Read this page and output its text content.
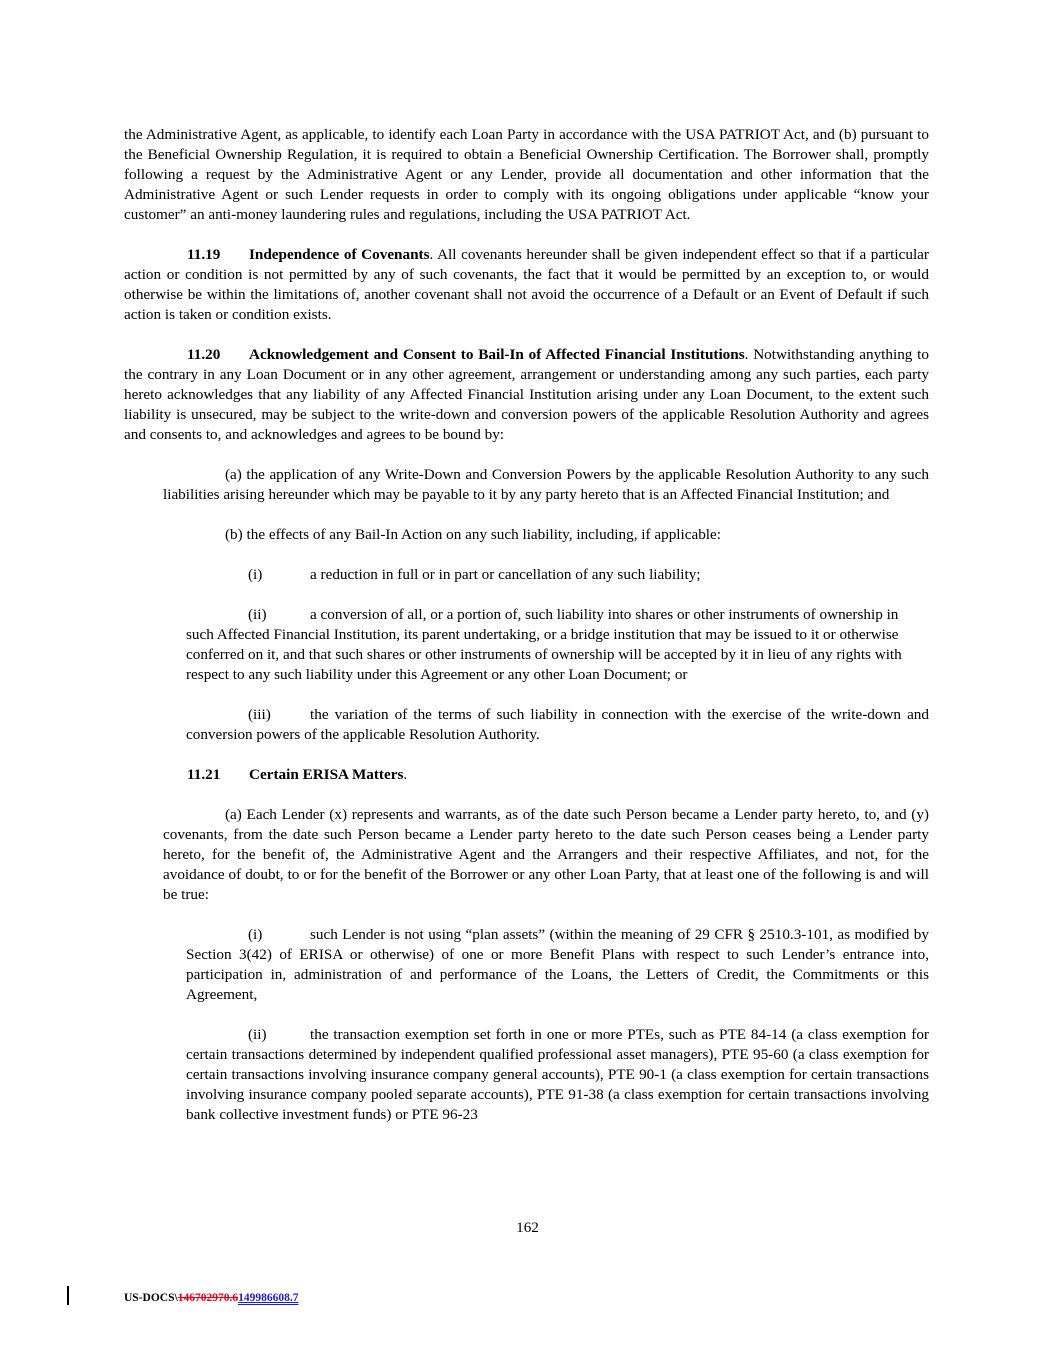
the Administrative Agent, as applicable, to identify each Loan Party in accordance with the USA PATRIOT Act, and (b) pursuant to the Beneficial Ownership Regulation, it is required to obtain a Beneficial Ownership Certification. The Borrower shall, promptly following a request by the Administrative Agent or any Lender, provide all documentation and other information that the Administrative Agent or such Lender requests in order to comply with its ongoing obligations under applicable “know your customer” an anti-money laundering rules and regulations, including the USA PATRIOT Act.

11.19 Independence of Covenants. All covenants hereunder shall be given independent effect so that if a particular action or condition is not permitted by any of such covenants, the fact that it would be permitted by an exception to, or would otherwise be within the limitations of, another covenant shall not avoid the occurrence of a Default or an Event of Default if such action is taken or condition exists.

11.20 Acknowledgement and Consent to Bail-In of Affected Financial Institutions. Notwithstanding anything to the contrary in any Loan Document or in any other agreement, arrangement or understanding among any such parties, each party hereto acknowledges that any liability of any Affected Financial Institution arising under any Loan Document, to the extent such liability is unsecured, may be subject to the write-down and conversion powers of the applicable Resolution Authority and agrees and consents to, and acknowledges and agrees to be bound by:

(a) the application of any Write-Down and Conversion Powers by the applicable Resolution Authority to any such liabilities arising hereunder which may be payable to it by any party hereto that is an Affected Financial Institution; and

(b) the effects of any Bail-In Action on any such liability, including, if applicable:

(i)	a reduction in full or in part or cancellation of any such liability;

(ii)	a conversion of all, or a portion of, such liability into shares or other instruments of ownership in such Affected Financial Institution, its parent undertaking, or a bridge institution that may be issued to it or otherwise conferred on it, and that such shares or other instruments of ownership will be accepted by it in lieu of any rights with respect to any such liability under this Agreement or any other Loan Document; or

(iii)	the variation of the terms of such liability in connection with the exercise of the write-down and conversion powers of the applicable Resolution Authority.

11.21 Certain ERISA Matters.

(a) Each Lender (x) represents and warrants, as of the date such Person became a Lender party hereto, to, and (y) covenants, from the date such Person became a Lender party hereto to the date such Person ceases being a Lender party hereto, for the benefit of, the Administrative Agent and the Arrangers and their respective Affiliates, and not, for the avoidance of doubt, to or for the benefit of the Borrower or any other Loan Party, that at least one of the following is and will be true:

(i)	such Lender is not using “plan assets” (within the meaning of 29 CFR § 2510.3-101, as modified by Section 3(42) of ERISA or otherwise) of one or more Benefit Plans with respect to such Lender’s entrance into, participation in, administration of and performance of the Loans, the Letters of Credit, the Commitments or this Agreement,

(ii)	the transaction exemption set forth in one or more PTEs, such as PTE 84-14 (a class exemption for certain transactions determined by independent qualified professional asset managers), PTE 95-60 (a class exemption for certain transactions involving insurance company general accounts), PTE 90-1 (a class exemption for certain transactions involving insurance company pooled separate accounts), PTE 91-38 (a class exemption for certain transactions involving bank collective investment funds) or PTE 96-23

162
US-DOCS\146702970.6149986608.7
